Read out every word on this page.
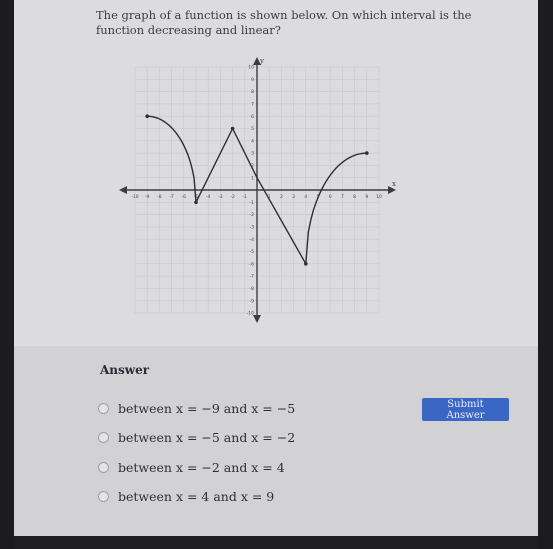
The graph of a function is shown below. On which interval is the function decreasing and linear?
x
y
-10 -9 -8 -7 -6 -5 -4 -3 -2 -1	1 2 3 4 5 6 7 8 9 10
10
9
8
7
6
5
4
3
2
1
-1
-2
-3
-4
-5
-6
-7
-8
-9
-10
Answer
between x = −9 and x = −5
between x = −5 and x = −2
between x = −2 and x = 4
between x = 4 and x = 9
Submit Answer
